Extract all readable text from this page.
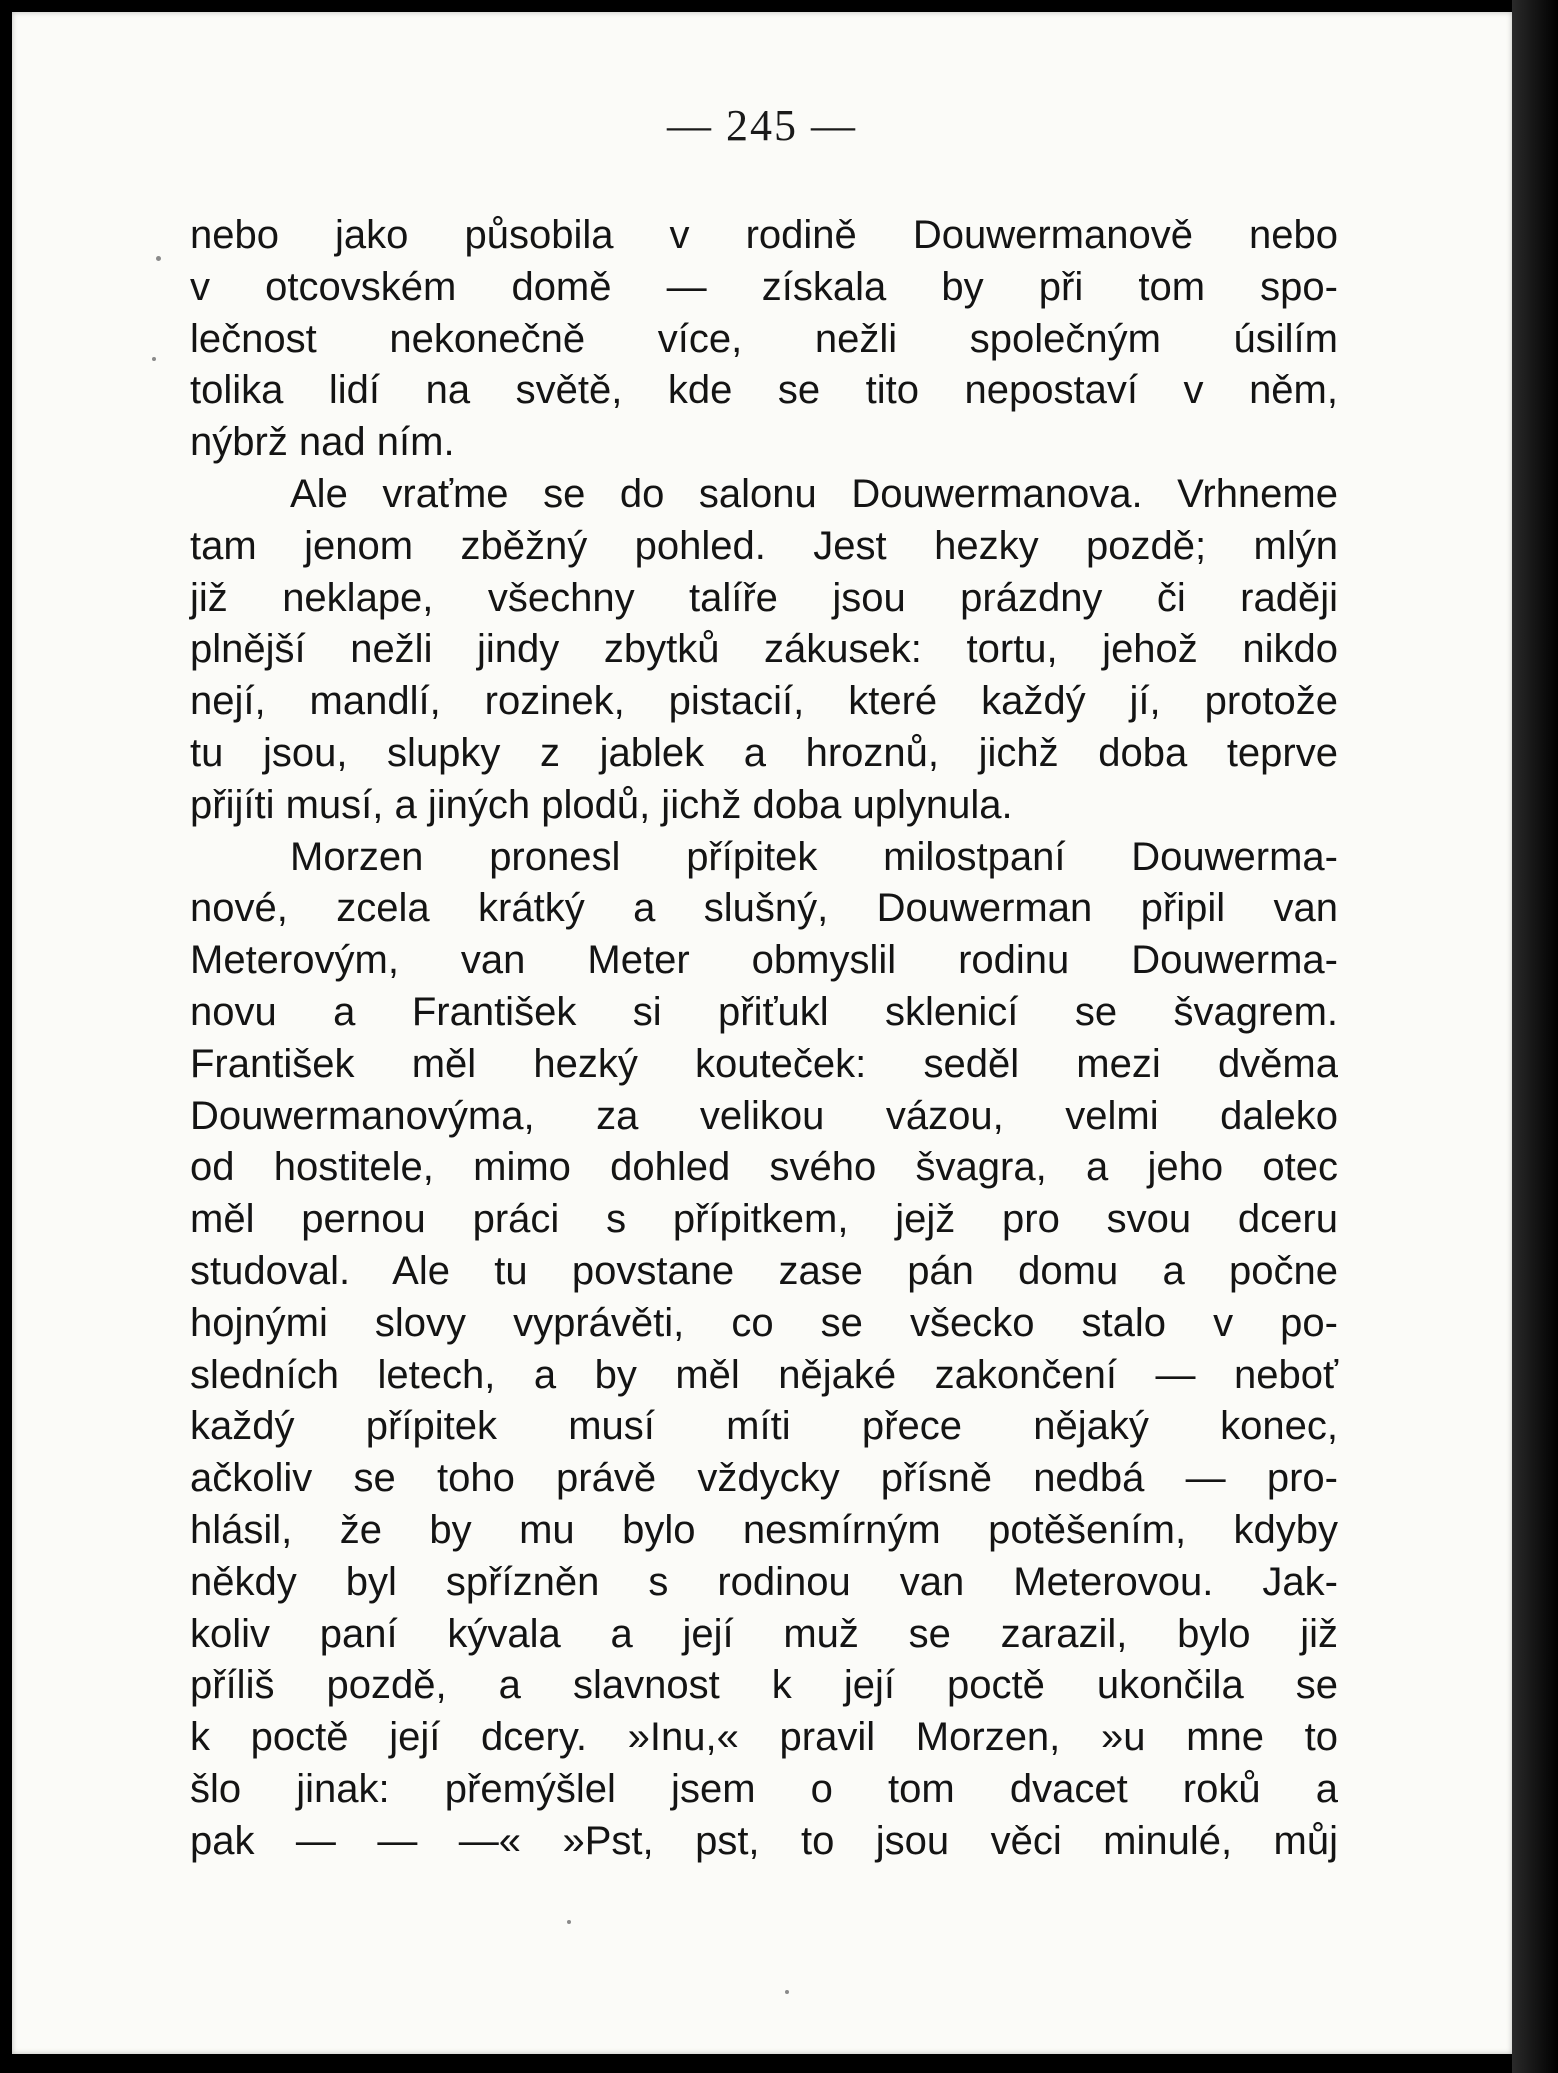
— 245 —
nebo jako působila v rodině Douwermanově nebo
v otcovském domě — získala by při tom spo-
lečnost nekonečně více, nežli společným úsilím
tolika lidí na světě, kde se tito nepostaví v něm,
nýbrž nad ním.
Ale vraťme se do salonu Douwermanova. Vrhneme
tam jenom zběžný pohled. Jest hezky pozdě; mlýn
již neklape, všechny talíře jsou prázdny či raději
plnější nežli jindy zbytků zákusek: tortu, jehož nikdo
nejí, mandlí, rozinek, pistacií, které každý jí, protože
tu jsou, slupky z jablek a hroznů, jichž doba teprve
přijíti musí, a jiných plodů, jichž doba uplynula.
Morzen pronesl přípitek milostpaní Douwerma-
nové, zcela krátký a slušný, Douwerman připil van
Meterovým, van Meter obmyslil rodinu Douwerma-
novu a František si přiťukl sklenicí se švagrem.
František měl hezký koutеček: seděl mezi dvěma
Douwermanovýma, za velikou vázou, velmi daleko
od hostitele, mimo dohled svého švagra, a jeho otec
měl pernou práci s přípitkem, jejž pro svou dceru
studoval. Ale tu povstane zase pán domu a počne
hojnými slovy vyprávěti, co se všecko stalo v po-
sledních letech, a by měl nějaké zakončení — neboť
každý přípitek musí míti přece nějaký konec,
ačkoliv se toho právě vždycky přísně nedbá — pro-
hlásil, že by mu bylo nesmírným potěšením, kdyby
někdy byl spřízněn s rodinou van Meterovou. Jak-
koliv paní kývala a její muž se zarazil, bylo již
příliš pozdě, a slavnost k její poctě ukončila se
k poctě její dcery. »Inu,« pravil Morzen, »u mne to
šlo jinak: přemýšlel jsem o tom dvacet roků a
pak — — —« »Pst, pst, to jsou věci minulé, můj
